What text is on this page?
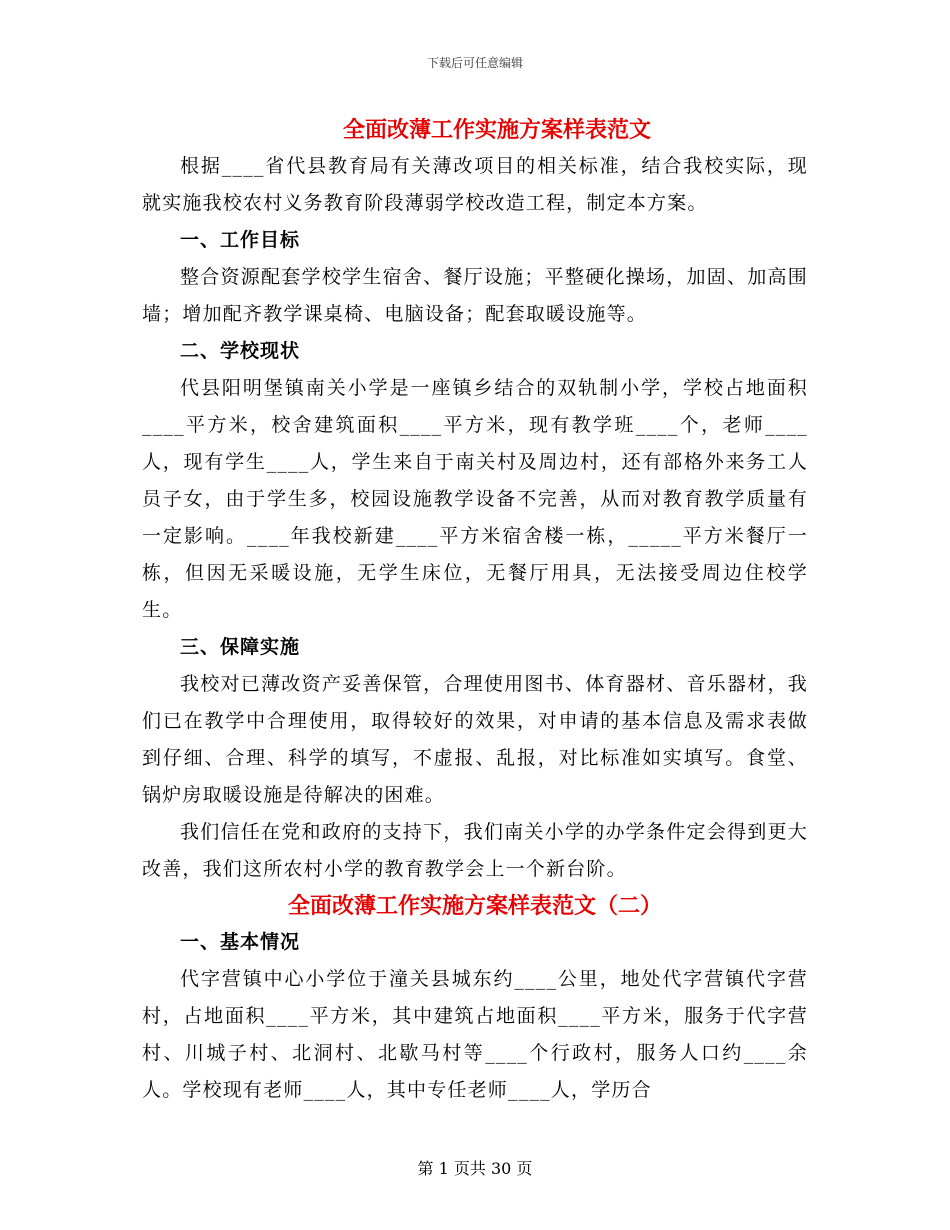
下载后可任意编辑
全面改薄工作实施方案样表范文

根据____省代县教育局有关薄改项目的相关标准，结合我校实际，现就实施我校农村义务教育阶段薄弱学校改造工程，制定本方案。

一、工作目标

整合资源配套学校学生宿舍、餐厅设施；平整硬化操场，加固、加高围墙；增加配齐教学课桌椅、电脑设备；配套取暖设施等。

二、学校现状

代县阳明堡镇南关小学是一座镇乡结合的双轨制小学，学校占地面积____平方米，校舍建筑面积____平方米，现有教学班____个，老师____人，现有学生____人，学生来自于南关村及周边村，还有部格外来务工人员子女，由于学生多，校园设施教学设备不完善，从而对教育教学质量有一定影响。____年我校新建____平方米宿舍楼一栋，_____平方米餐厅一栋，但因无采暖设施，无学生床位，无餐厅用具，无法接受周边住校学生。

三、保障实施

我校对已薄改资产妥善保管，合理使用图书、体育器材、音乐器材，我们已在教学中合理使用，取得较好的效果，对申请的基本信息及需求表做到仔细、合理、科学的填写，不虚报、乱报，对比标准如实填写。食堂、锅炉房取暖设施是待解决的困难。

我们信任在党和政府的支持下，我们南关小学的办学条件定会得到更大改善，我们这所农村小学的教育教学会上一个新台阶。

全面改薄工作实施方案样表范文（二）

一、基本情况

代字营镇中心小学位于潼关县城东约____公里，地处代字营镇代字营村，占地面积____平方米，其中建筑占地面积____平方米，服务于代字营村、川城子村、北洞村、北歇马村等____个行政村，服务人口约____余人。学校现有老师____人，其中专任老师____人，学历合

第 1 页共 30 页
